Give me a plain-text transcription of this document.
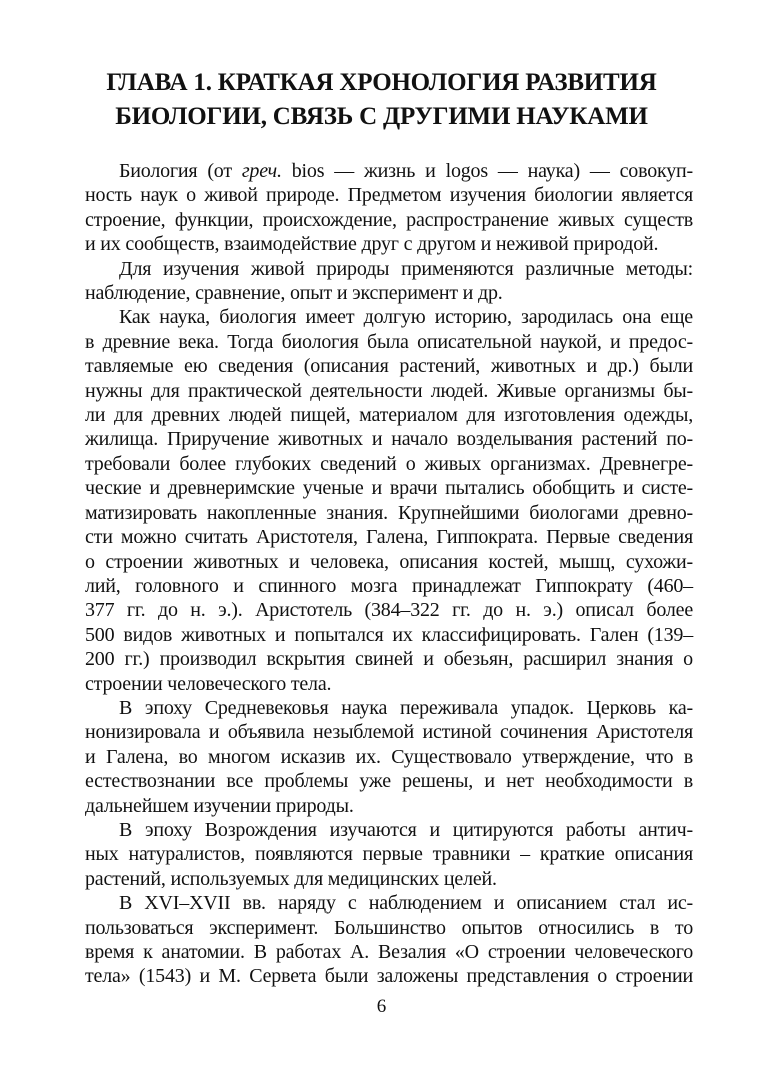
ГЛАВА 1. КРАТКАЯ ХРОНОЛОГИЯ РАЗВИТИЯ
БИОЛОГИИ, СВЯЗЬ С ДРУГИМИ НАУКАМИ

Биология (от греч. bios — жизнь и logos — наука) — совокуп-
ность наук о живой природе. Предметом изучения биологии является
строение, функции, происхождение, распространение живых существ
и их сообществ, взаимодействие друг с другом и неживой природой.

Для изучения живой природы применяются различные методы:
наблюдение, сравнение, опыт и эксперимент и др.

Как наука, биология имеет долгую историю, зародилась она еще
в древние века. Тогда биология была описательной наукой, и предос-
тавляемые ею сведения (описания растений, животных и др.) были
нужны для практической деятельности людей. Живые организмы бы-
ли для древних людей пищей, материалом для изготовления одежды,
жилища. Приручение животных и начало возделывания растений по-
требовали более глубоких сведений о живых организмах. Древнегре-
ческие и древнеримские ученые и врачи пытались обобщить и систе-
матизировать накопленные знания. Крупнейшими биологами древно-
сти можно считать Аристотеля, Галена, Гиппократа. Первые сведения
о строении животных и человека, описания костей, мышц, сухожи-
лий, головного и спинного мозга принадлежат Гиппократу (460–
377 гг. до н. э.). Аристотель (384–322 гг. до н. э.) описал более
500 видов животных и попытался их классифицировать. Гален (139–
200 гг.) производил вскрытия свиней и обезьян, расширил знания о
строении человеческого тела.

В эпоху Средневековья наука переживала упадок. Церковь ка-
нонизировала и объявила незыблемой истиной сочинения Аристотеля
и Галена, во многом исказив их. Существовало утверждение, что в
естествознании все проблемы уже решены, и нет необходимости в
дальнейшем изучении природы.

В эпоху Возрождения изучаются и цитируются работы антич-
ных натуралистов, появляются первые травники – краткие описания
растений, используемых для медицинских целей.

В XVI–XVII вв. наряду с наблюдением и описанием стал ис-
пользоваться эксперимент. Большинство опытов относились в то
время к анатомии. В работах А. Везалия «О строении человеческого
тела» (1543) и М. Сервета были заложены представления о строении

6
